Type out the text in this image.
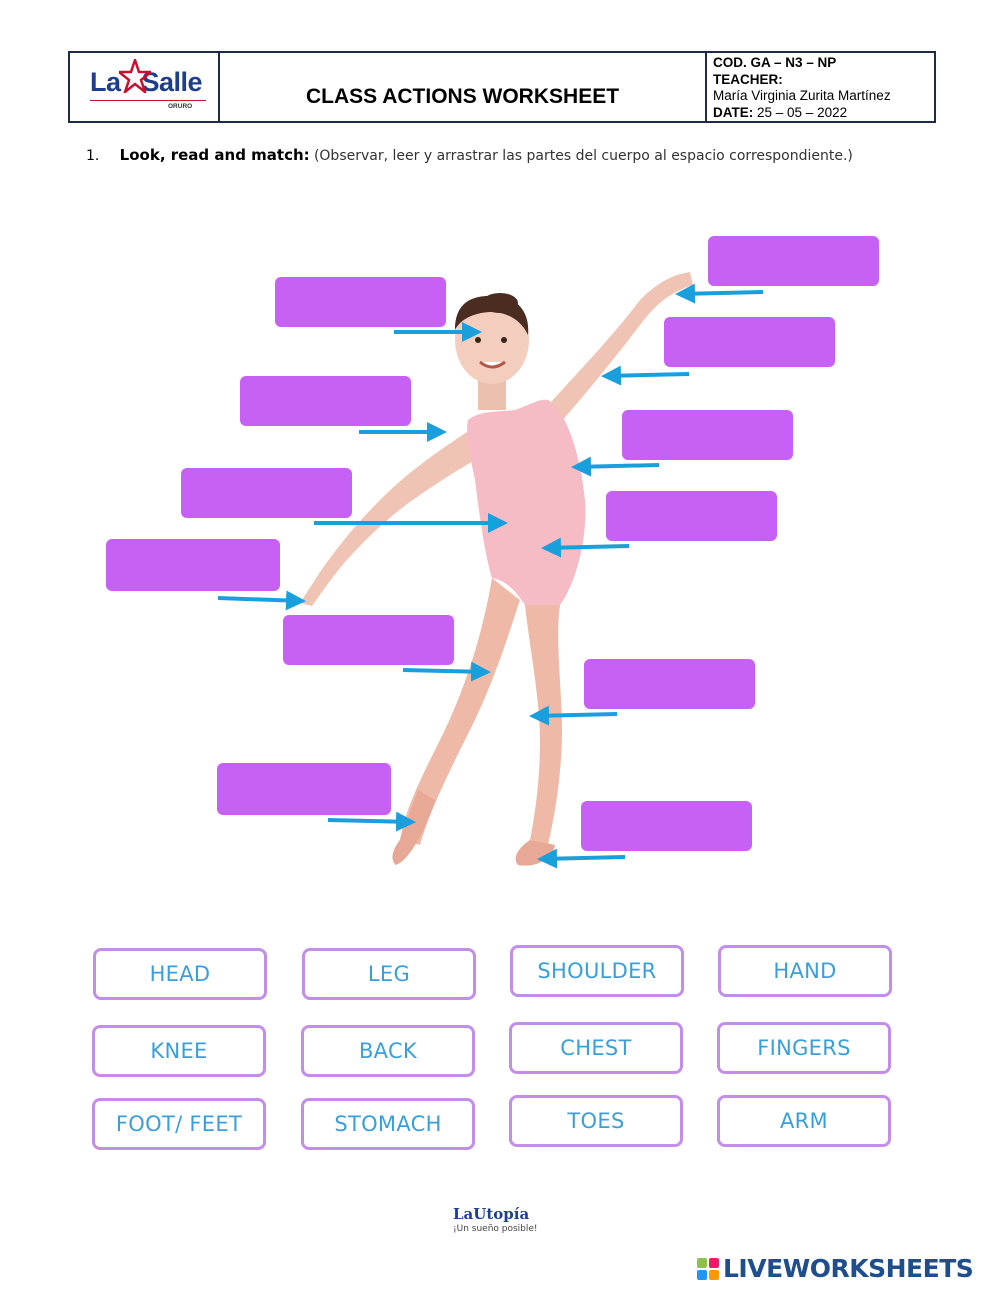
La   Salle
ORURO	CLASS ACTIONS WORKSHEET
COD. GA – N3 – NP
TEACHER:
María Virginia Zurita Martínez
DATE: 25 – 05 – 2022
1. Look, read and match: (Observar, leer y arrastrar las partes del cuerpo al espacio correspondiente.)
HEAD	LEG	SHOULDER	HAND
KNEE	BACK	CHEST	FINGERS
FOOT/ FEET	STOMACH	TOES	ARM
LaUtopía
¡Un sueño posible!
LIVEWORKSHEETS
